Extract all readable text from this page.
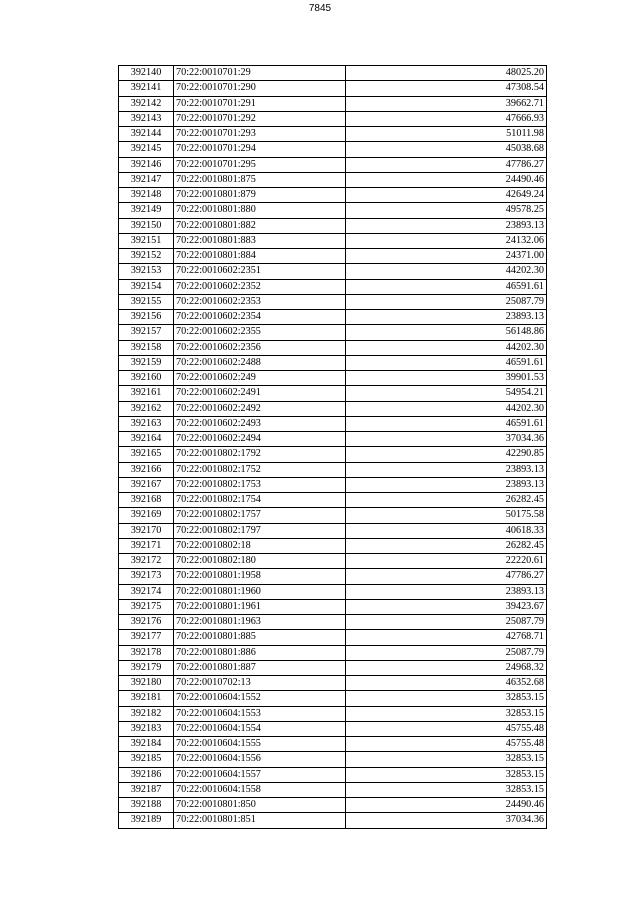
7845
392140	70:22:0010701:29	48025.20
392141	70:22:0010701:290	47308.54
392142	70:22:0010701:291	39662.71
392143	70:22:0010701:292	47666.93
392144	70:22:0010701:293	51011.98
392145	70:22:0010701:294	45038.68
392146	70:22:0010701:295	47786.27
392147	70:22:0010801:875	24490.46
392148	70:22:0010801:879	42649.24
392149	70:22:0010801:880	49578.25
392150	70:22:0010801:882	23893.13
392151	70:22:0010801:883	24132.06
392152	70:22:0010801:884	24371.00
392153	70:22:0010602:2351	44202.30
392154	70:22:0010602:2352	46591.61
392155	70:22:0010602:2353	25087.79
392156	70:22:0010602:2354	23893.13
392157	70:22:0010602:2355	56148.86
392158	70:22:0010602:2356	44202.30
392159	70:22:0010602:2488	46591.61
392160	70:22:0010602:249	39901.53
392161	70:22:0010602:2491	54954.21
392162	70:22:0010602:2492	44202.30
392163	70:22:0010602:2493	46591.61
392164	70:22:0010602:2494	37034.36
392165	70:22:0010802:1792	42290.85
392166	70:22:0010802:1752	23893.13
392167	70:22:0010802:1753	23893.13
392168	70:22:0010802:1754	26282.45
392169	70:22:0010802:1757	50175.58
392170	70:22:0010802:1797	40618.33
392171	70:22:0010802:18	26282.45
392172	70:22:0010802:180	22220.61
392173	70:22:0010801:1958	47786.27
392174	70:22:0010801:1960	23893.13
392175	70:22:0010801:1961	39423.67
392176	70:22:0010801:1963	25087.79
392177	70:22:0010801:885	42768.71
392178	70:22:0010801:886	25087.79
392179	70:22:0010801:887	24968.32
392180	70:22:0010702:13	46352.68
392181	70:22:0010604:1552	32853.15
392182	70:22:0010604:1553	32853.15
392183	70:22:0010604:1554	45755.48
392184	70:22:0010604:1555	45755.48
392185	70:22:0010604:1556	32853.15
392186	70:22:0010604:1557	32853.15
392187	70:22:0010604:1558	32853.15
392188	70:22:0010801:850	24490.46
392189	70:22:0010801:851	37034.36
